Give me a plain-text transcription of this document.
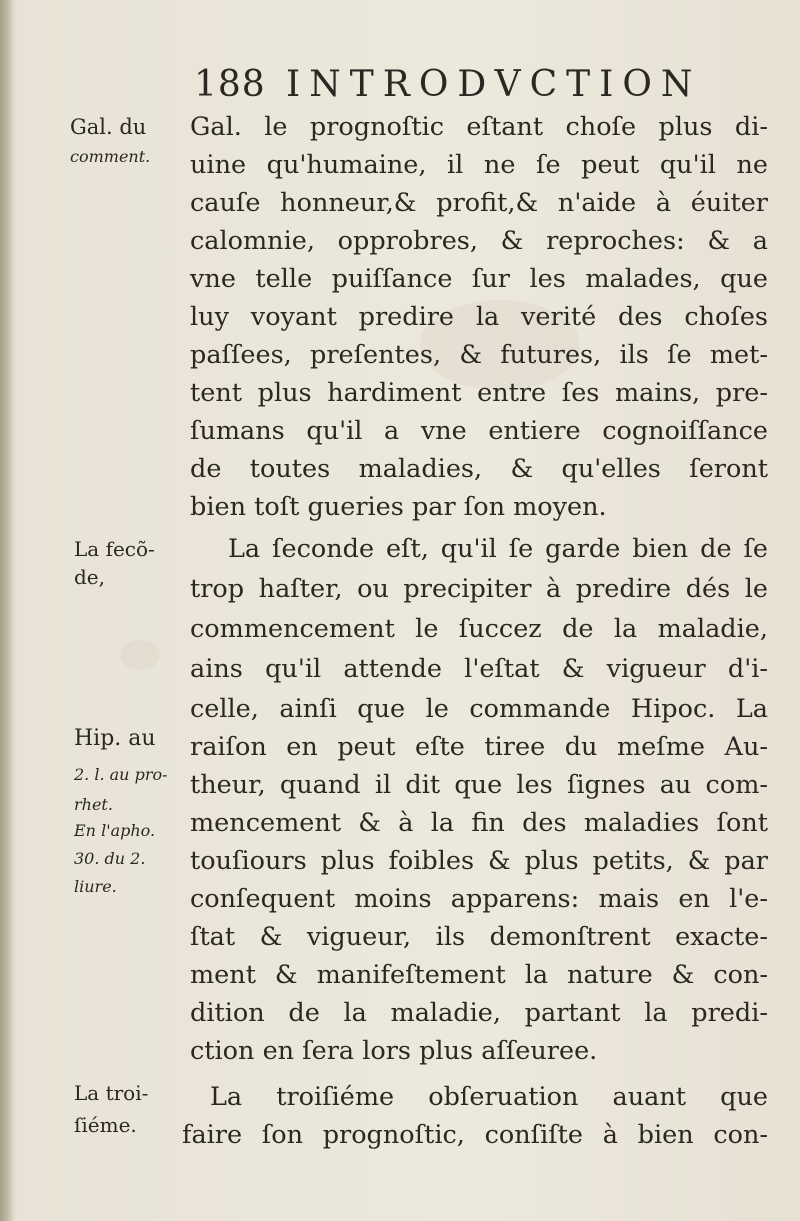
188 INTRODVCTION
Gal. du
comment.
La fecõ-
de,
Hip. au
2. l. au pro-
rhet.
En l'apho.
30. du 2.
liure.
La troi-
ſiéme.
Gal. le prognoſtic eſtant choſe plus di-
uine qu'humaine, il ne ſe peut qu'il ne
cauſe honneur,& profit,& n'aide à éuiter
calomnie, opprobres, & reproches: & a
vne telle puiſſance ſur les malades, que
luy voyant predire la verité des choſes
paſſees, preſentes, & futures, ils ſe met-
tent plus hardiment entre ſes mains, pre-
ſumans qu'il a vne entiere cognoiſſance
de toutes maladies, & qu'elles ſeront
bien toſt gueries par ſon moyen.
La ſeconde eſt, qu'il ſe garde bien de ſe
trop haſter, ou precipiter à predire dés le
commencement le ſuccez de la maladie,
ains qu'il attende l'eſtat & vigueur d'i-
celle, ainſi que le commande Hipoc. La
raiſon en peut eſte tiree du meſme Au-
theur, quand il dit que les ſignes au com-
mencement & à la fin des maladies ſont
touſiours plus foibles & plus petits, & par
conſequent moins apparens: mais en l'e-
ſtat & vigueur, ils demonſtrent exacte-
ment & manifeſtement la nature & con-
dition de la maladie, partant la predi-
ction en ſera lors plus aſſeuree.
La troiſiéme obſeruation auant que
faire ſon prognoſtic, conſiſte à bien con-
